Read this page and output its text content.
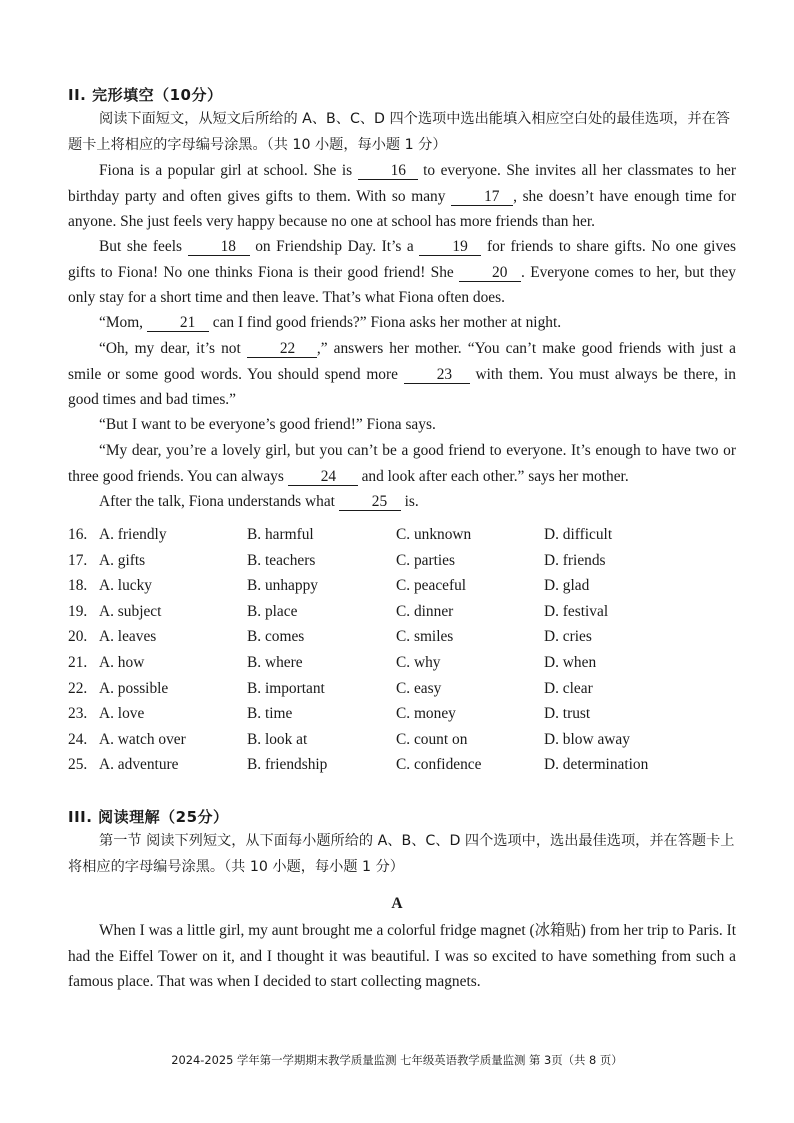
II. 完形填空（10分）
阅读下面短文，从短文后所给的 A、B、C、D 四个选项中选出能填入相应空白处的最佳选项，并在答题卡上将相应的字母编号涂黑。（共 10 小题，每小题 1 分）
Fiona is a popular girl at school. She is	16 to everyone. She invites all her classmates to her birthday party and often gives gifts to them. With so many	17 , she doesn’t have enough time for anyone. She just feels very happy because no one at school has more friends than her.
But she feels	18 on Friendship Day. It’s a	19 for friends to share gifts. No one gives gifts to Fiona! No one thinks Fiona is their good friend! She 20 . Everyone comes to her, but they only stay for a short time and then leave. That’s what Fiona often does.
“Mom, 21 can I find good friends?” Fiona asks her mother at night.
“Oh, my dear, it’s not	22 ,” answers her mother. “You can’t make good friends with just a smile or some good words. You should spend more	23 with them. You must always be there, in good times and bad times.”
“But I want to be everyone’s good friend!” Fiona says.
“My dear, you’re a lovely girl, but you can’t be a good friend to everyone. It’s enough to have two or three good friends. You can always 24 and look after each other.” says her mother.
After the talk, Fiona understands what 25 is.
16. A. friendly	B. harmful	C. unknown	D. difficult
17. A. gifts	B. teachers	C. parties	D. friends
18. A. lucky	B. unhappy	C. peaceful	D. glad
19. A. subject	B. place	C. dinner	D. festival
20. A. leaves	B. comes	C. smiles	D. cries
21. A. how	B. where	C. why	D. when
22. A. possible	B. important	C. easy	D. clear
23. A. love	B. time	C. money	D. trust
24. A. watch over	B. look at	C. count on	D. blow away
25. A. adventure	B. friendship	C. confidence	D. determination
III. 阅读理解（25分）
第一节 阅读下列短文，从下面每小题所给的 A、B、C、D 四个选项中，选出最佳选项，并在答题卡上将相应的字母编号涂黑。（共 10 小题，每小题 1 分）
A
When I was a little girl, my aunt brought me a colorful fridge magnet (冰箱贴) from her trip to Paris. It had the Eiffel Tower on it, and I thought it was beautiful. I was so excited to have something from such a famous place. That was when I decided to start collecting magnets.
2024-2025 学年第一学期期末教学质量监测 七年级英语教学质量监测 第 3页（共 8 页）
